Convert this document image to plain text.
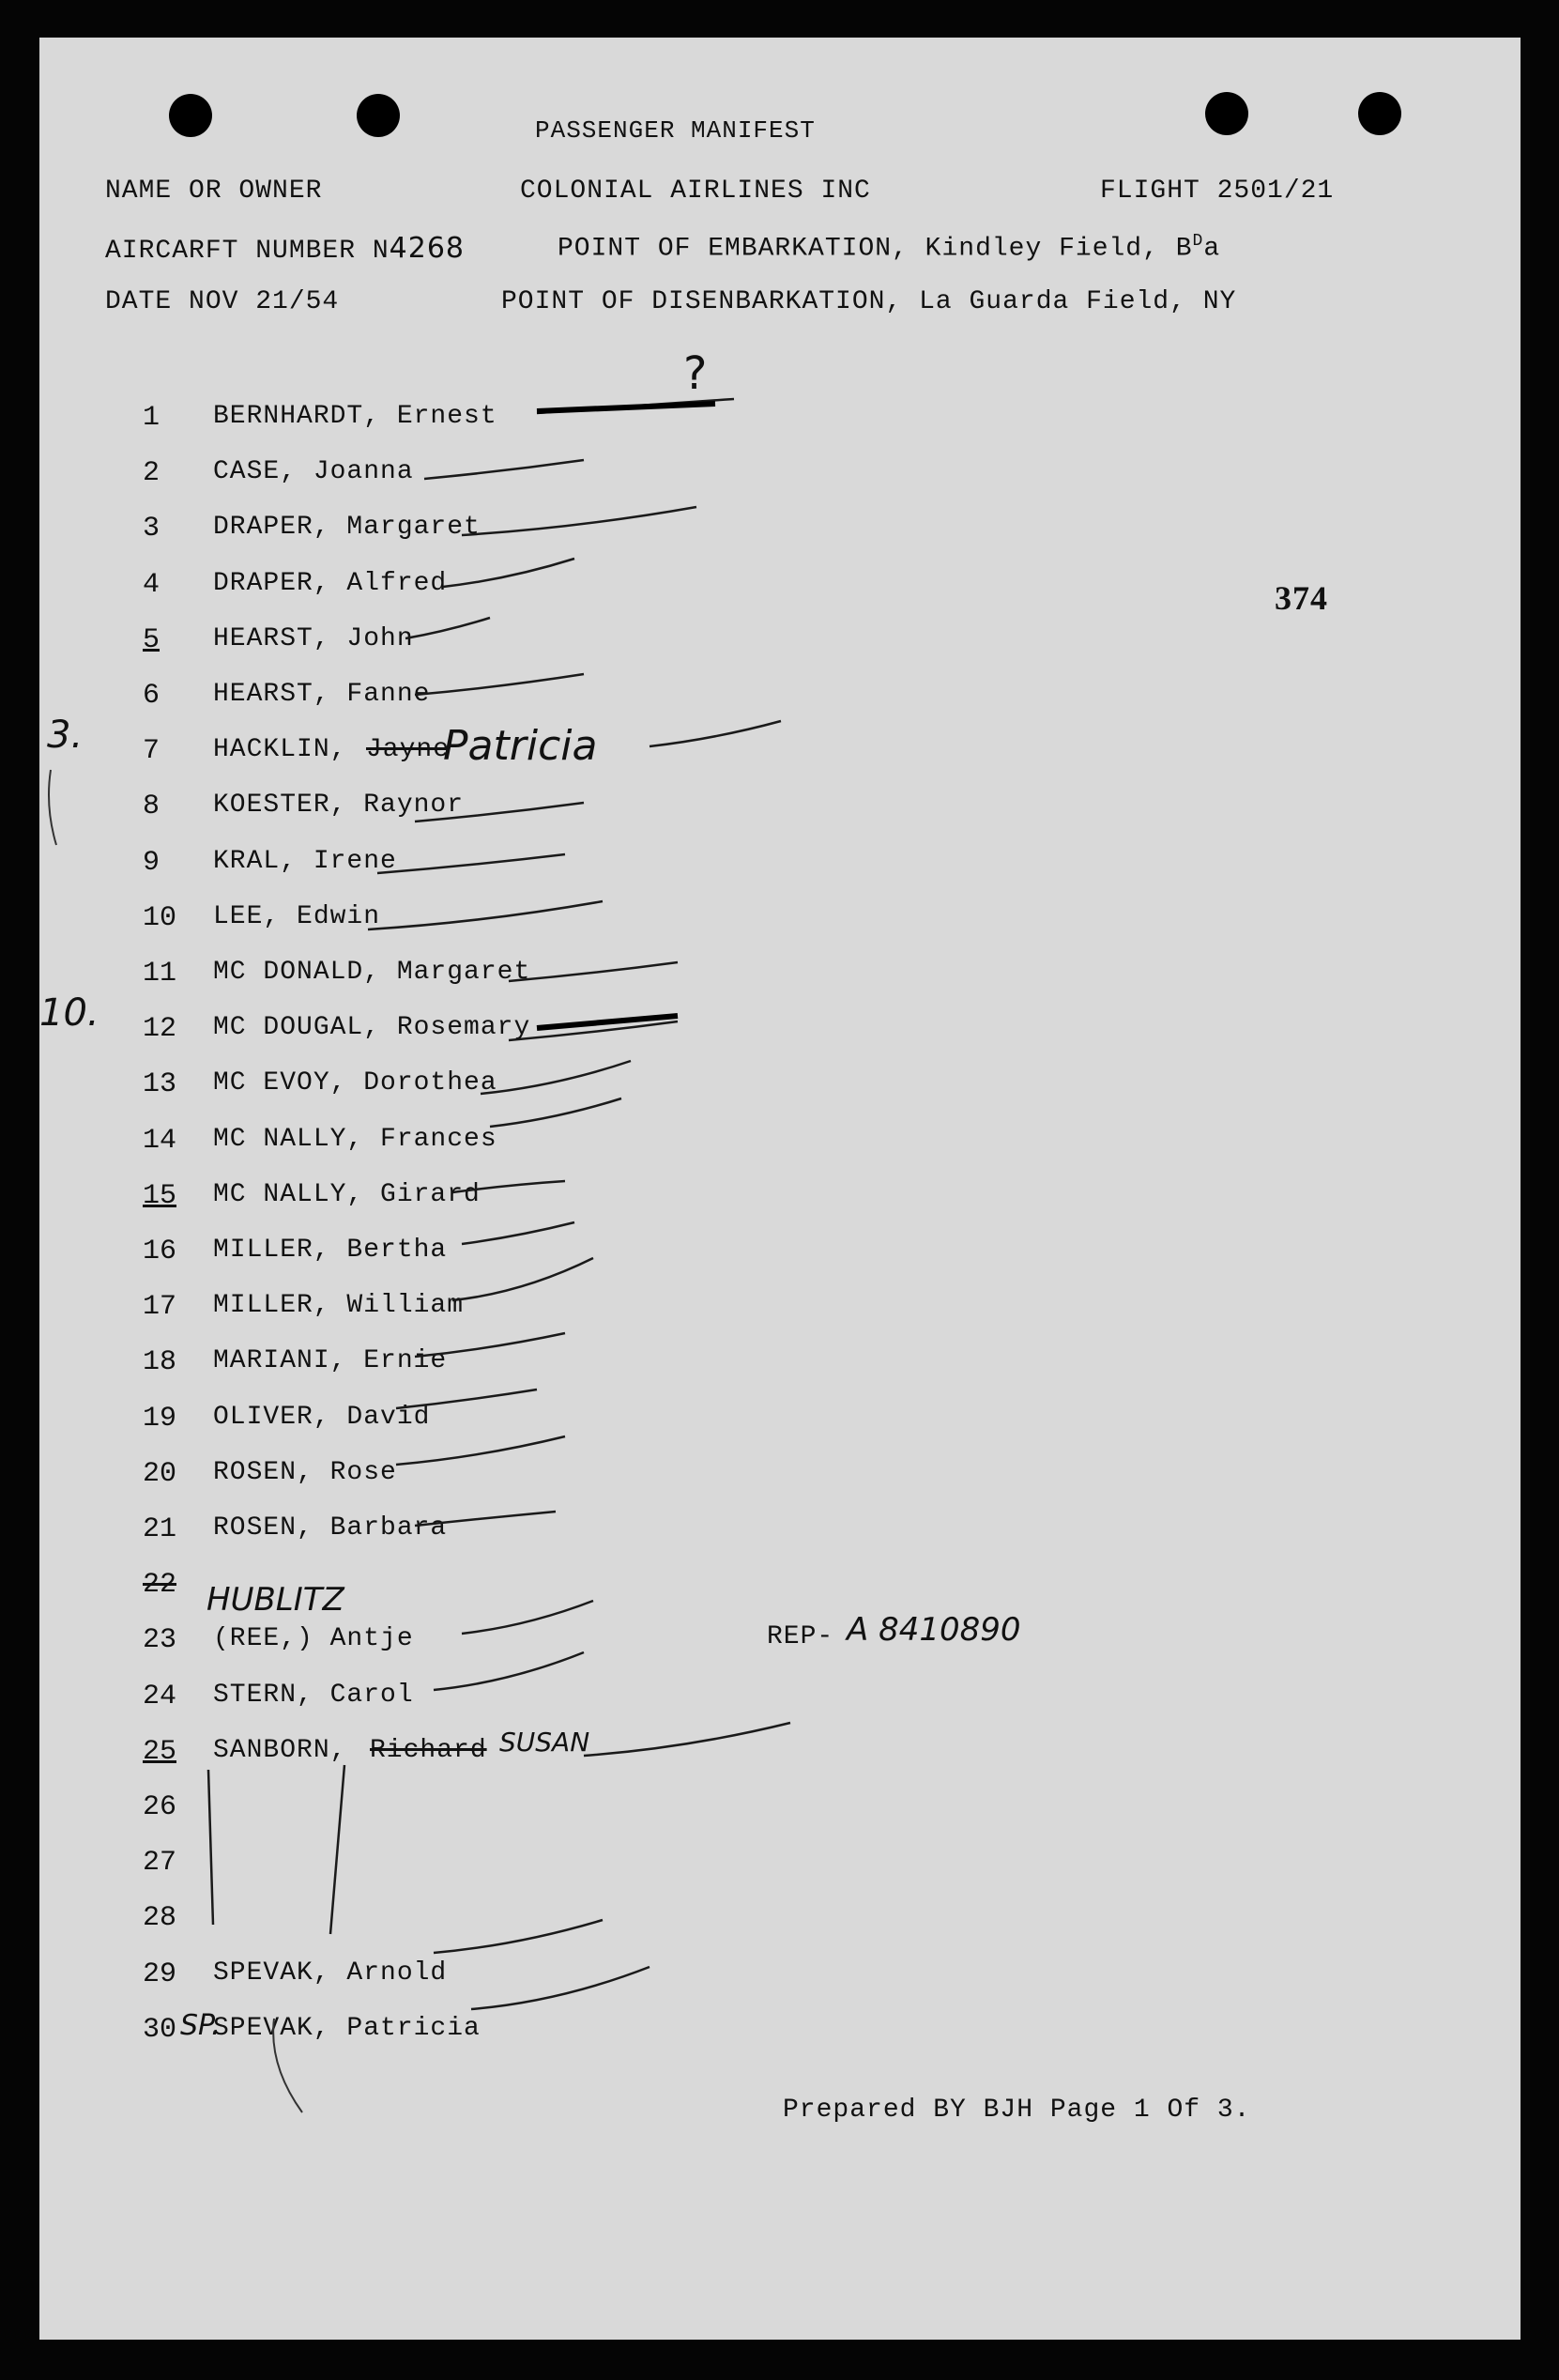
PASSENGER MANIFEST
NAME OR OWNER	COLONIAL AIRLINES INC	FLIGHT 2501/21
AIRCARFT NUMBER N4268	POINT OF EMBARKATION, Kindley Field, $B^Da$
DATE NOV 21/54	POINT OF DISENBARKATION, La Guarda Field, NY
374
1 BERNHARDT, Ernest
2 CASE, Joanna
3 DRAPER, Margaret
4 DRAPER, Alfred
5 HEARST, John
6 HEARST, Fanne
7 HACKLIN, Jayne
Patricia
8 KOESTER, Raynor
9 KRAL, Irene
10 LEE, Edwin
11 MC DONALD, Margaret
12 MC DOUGAL, Rosemary
13 MC EVOY, Dorothea
14 MC NALLY, Frances
15 MC NALLY, Girard
16 MILLER, Bertha
17 MILLER, William
18 MARIANI, Ernie
19 OLIVER, David
20 ROSEN, Rose
21 ROSEN, Barbara
22
23 (REE,) Antje
HUBLITZ
24 STERN, Carol
25 SANBORN, Richard SUSAN
26
27
28
29 SPEVAK, Arnold
30 SPEVAK, Patricia
REP- A 8410890
?
3.
10.
SP.
Prepared BY BJH Page 1 Of 3.
